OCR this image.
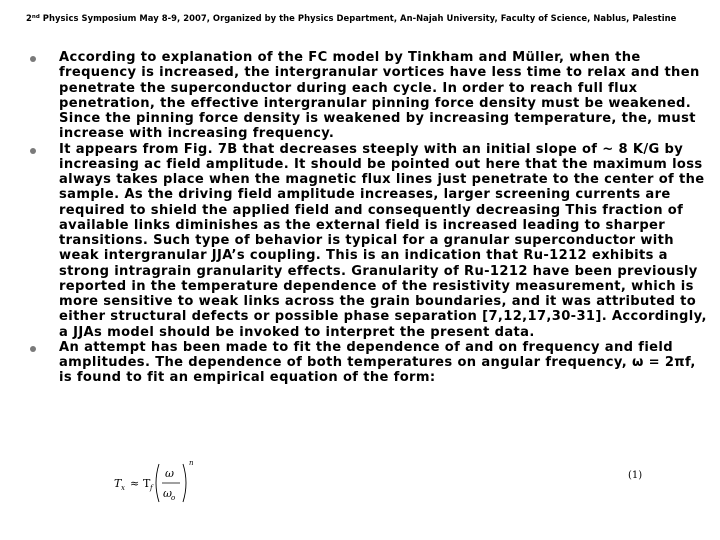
2nd Physics Symposium May 8-9, 2007, Organized by the Physics Department, An-Najah University, Faculty of Science, Nablus, Palestine
According to explanation of the FC model by Tinkham and Müller, when the frequency is increased, the intergranular vortices have less time to relax and then penetrate the superconductor during each cycle. In order to reach full flux penetration, the effective intergranular pinning force density must be weakened. Since the pinning force density is weakened by increasing temperature, the, must increase with increasing frequency.
It appears from Fig. 7B that decreases steeply with an initial slope of ~ 8 K/G by increasing ac field amplitude. It should be pointed out here that the maximum loss always takes place when the magnetic flux lines just penetrate to the center of the sample. As the driving field amplitude increases, larger screening currents are required to shield the applied field and consequently decreasing This fraction of available links diminishes as the external field is increased leading to sharper transitions. Such type of behavior is typical for a granular superconductor with weak intergranular JJA’s coupling. This is an indication that Ru-1212 exhibits a strong intragrain granularity effects. Granularity of Ru-1212 have been previously reported in the temperature dependence of the resistivity measurement, which is more sensitive to weak links across the grain boundaries, and it was attributed to either structural defects or possible phase separation [7,12,17,30-31]. Accordingly, a JJAs model should be invoked to interpret the present data.
An attempt has been made to fit the dependence of and on frequency and field amplitudes. The dependence of both temperatures on angular frequency, ω = 2πf, is found to fit an empirical equation of the form:
T x ≈ T f
ω
ω o
n
(1)
